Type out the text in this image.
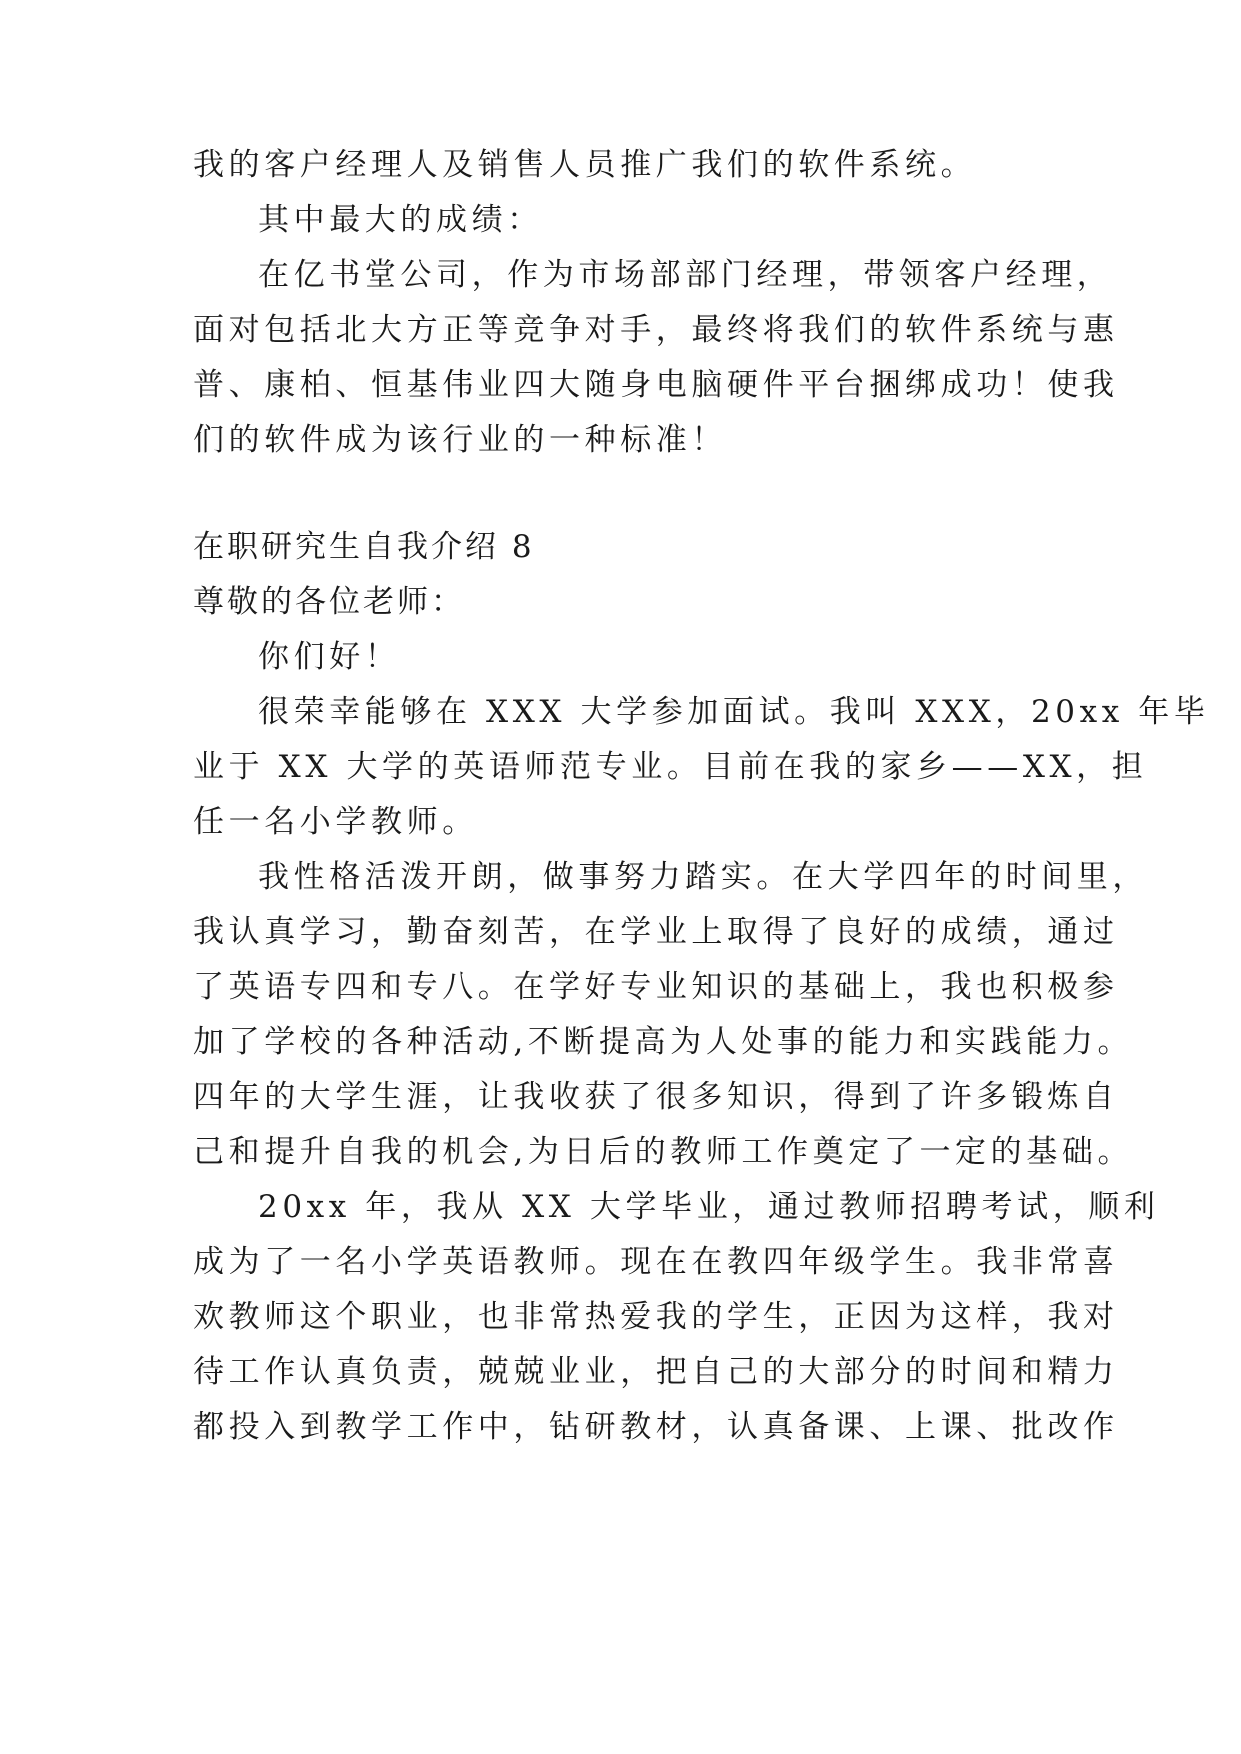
我的客户经理人及销售人员推广我们的软件系统。
其中最大的成绩：
在亿书堂公司，作为市场部部门经理，带领客户经理，
面对包括北大方正等竞争对手，最终将我们的软件系统与惠
普、康柏、恒基伟业四大随身电脑硬件平台捆绑成功！使我
们的软件成为该行业的一种标准！
在职研究生自我介绍 8
尊敬的各位老师：
你们好！
很荣幸能够在 XXX 大学参加面试。我叫 XXX，20xx 年毕
业于 XX 大学的英语师范专业。目前在我的家乡——XX，担
任一名小学教师。
我性格活泼开朗，做事努力踏实。在大学四年的时间里，
我认真学习，勤奋刻苦，在学业上取得了良好的成绩，通过
了英语专四和专八。在学好专业知识的基础上，我也积极参
加了学校的各种活动,不断提高为人处事的能力和实践能力。
四年的大学生涯，让我收获了很多知识，得到了许多锻炼自
己和提升自我的机会,为日后的教师工作奠定了一定的基础。
20xx 年，我从 XX 大学毕业，通过教师招聘考试，顺利
成为了一名小学英语教师。现在在教四年级学生。我非常喜
欢教师这个职业，也非常热爱我的学生，正因为这样，我对
待工作认真负责，兢兢业业，把自己的大部分的时间和精力
都投入到教学工作中，钻研教材，认真备课、上课、批改作
